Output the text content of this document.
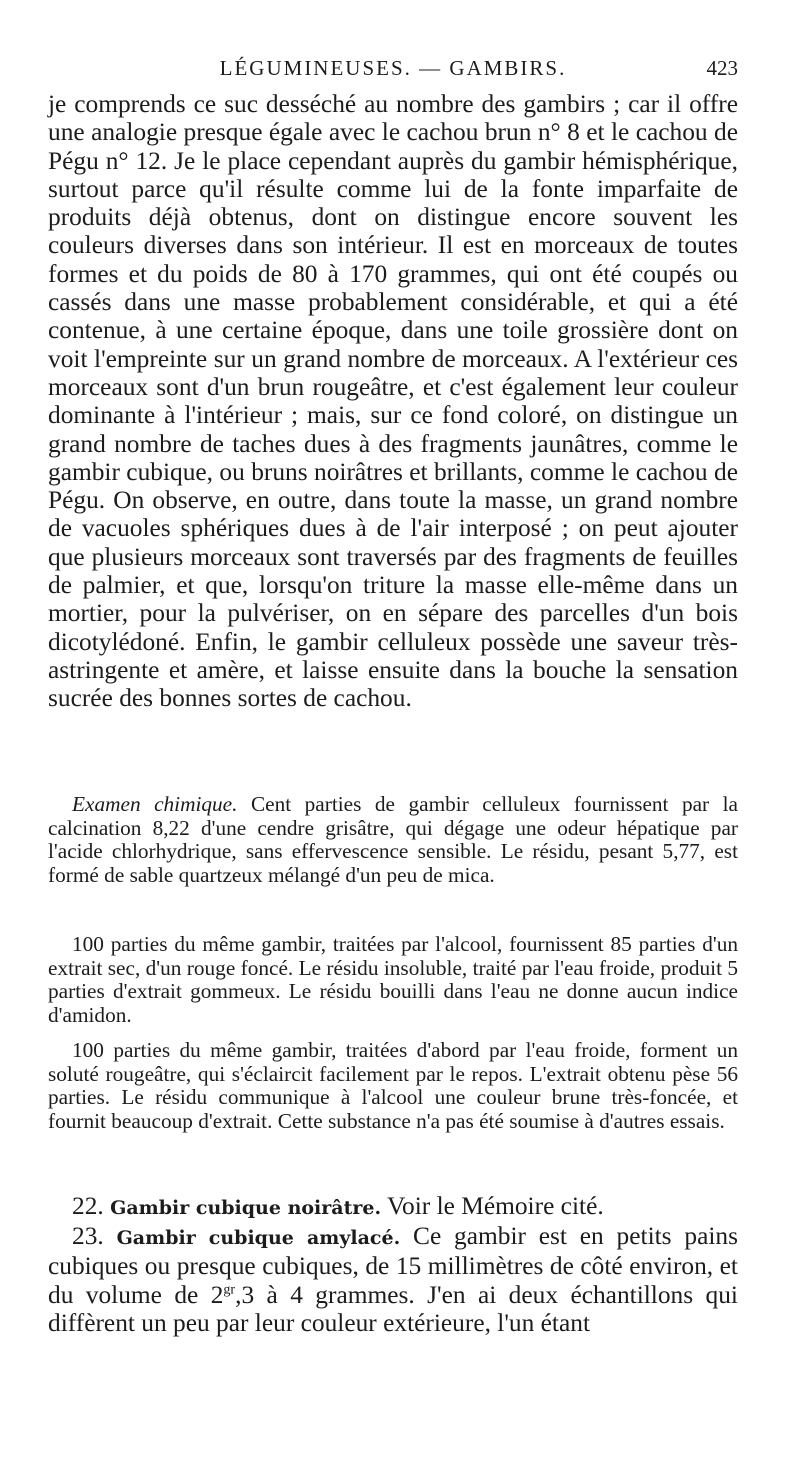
LÉGUMINEUSES. — GAMBIRS.	423

je comprends ce suc desséché au nombre des gambirs ; car il offre une analogie presque égale avec le cachou brun n° 8 et le cachou de Pégu n° 12. Je le place cependant auprès du gambir hémisphérique, surtout parce qu'il résulte comme lui de la fonte imparfaite de produits déjà obtenus, dont on distingue encore souvent les couleurs diverses dans son intérieur. Il est en morceaux de toutes formes et du poids de 80 à 170 grammes, qui ont été coupés ou cassés dans une masse probablement considérable, et qui a été contenue, à une certaine époque, dans une toile grossière dont on voit l'empreinte sur un grand nombre de morceaux. A l'extérieur ces morceaux sont d'un brun rougeâtre, et c'est également leur couleur dominante à l'intérieur ; mais, sur ce fond coloré, on distingue un grand nombre de taches dues à des fragments jaunâtres, comme le gambir cubique, ou bruns noirâtres et brillants, comme le cachou de Pégu. On observe, en outre, dans toute la masse, un grand nombre de vacuoles sphériques dues à de l'air interposé ; on peut ajouter que plusieurs morceaux sont traversés par des fragments de feuilles de palmier, et que, lorsqu'on triture la masse elle-même dans un mortier, pour la pulvériser, on en sépare des parcelles d'un bois dicotylédoné. Enfin, le gambir celluleux possède une saveur très-astringente et amère, et laisse ensuite dans la bouche la sensation sucrée des bonnes sortes de cachou.

Examen chimique. Cent parties de gambir celluleux fournissent par la calcination 8,22 d'une cendre grisâtre, qui dégage une odeur hépatique par l'acide chlorhydrique, sans effervescence sensible. Le résidu, pesant 5,77, est formé de sable quartzeux mélangé d'un peu de mica.

100 parties du même gambir, traitées par l'alcool, fournissent 85 parties d'un extrait sec, d'un rouge foncé. Le résidu insoluble, traité par l'eau froide, produit 5 parties d'extrait gommeux. Le résidu bouilli dans l'eau ne donne aucun indice d'amidon.

100 parties du même gambir, traitées d'abord par l'eau froide, forment un soluté rougeâtre, qui s'éclaircit facilement par le repos. L'extrait obtenu pèse 56 parties. Le résidu communique à l'alcool une couleur brune très-foncée, et fournit beaucoup d'extrait. Cette substance n'a pas été soumise à d'autres essais.

22. Gambir cubique noirâtre. Voir le Mémoire cité.

23. Gambir cubique amylacé. Ce gambir est en petits pains cubiques ou presque cubiques, de 15 millimètres de côté environ, et du volume de $2^{gr},3$ à 4 grammes. J'en ai deux échantillons qui diffèrent un peu par leur couleur extérieure, l'un étant
